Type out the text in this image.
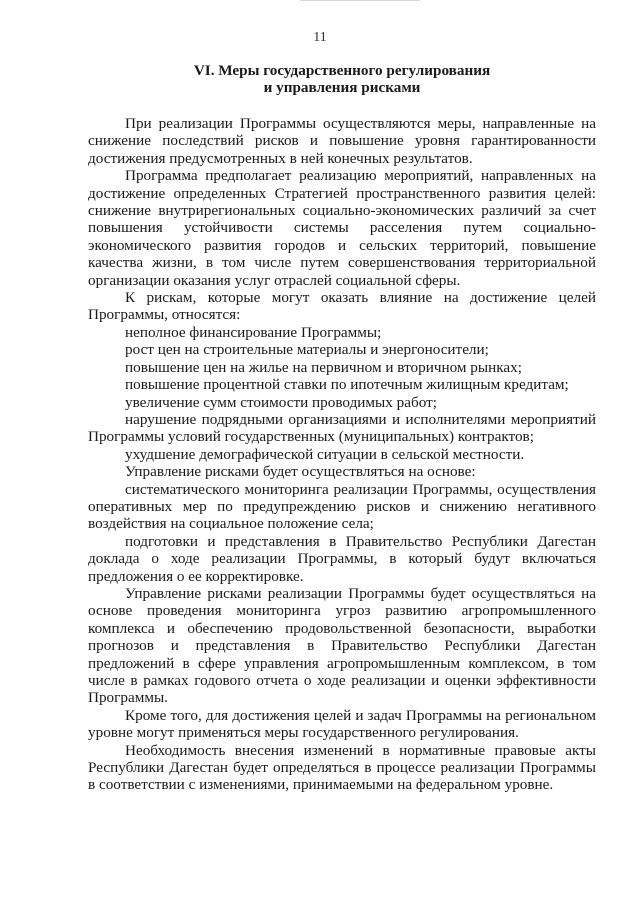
11
VI. Меры государственного регулирования
и управления рисками

При реализации Программы осуществляются меры, направленные на снижение последствий рисков и повышение уровня гарантированности достижения предусмотренных в ней конечных результатов.

Программа предполагает реализацию мероприятий, направленных на достижение определенных Стратегией пространственного развития целей: снижение внутрирегиональных социально-экономических различий за счет повышения устойчивости системы расселения путем социально-экономического развития городов и сельских территорий, повышение качества жизни, в том числе путем совершенствования территориальной организации оказания услуг отраслей социальной сферы.

К рискам, которые могут оказать влияние на достижение целей Программы, относятся:

неполное финансирование Программы;

рост цен на строительные материалы и энергоносители;

повышение цен на жилье на первичном и вторичном рынках;

повышение процентной ставки по ипотечным жилищным кредитам;

увеличение сумм стоимости проводимых работ;

нарушение подрядными организациями и исполнителями мероприятий Программы условий государственных (муниципальных) контрактов;

ухудшение демографической ситуации в сельской местности.

Управление рисками будет осуществляться на основе:

систематического мониторинга реализации Программы, осуществления оперативных мер по предупреждению рисков и снижению негативного воздействия на социальное положение села;

подготовки и представления в Правительство Республики Дагестан доклада о ходе реализации Программы, в который будут включаться предложения о ее корректировке.

Управление рисками реализации Программы будет осуществляться на основе проведения мониторинга угроз развитию агропромышленного комплекса и обеспечению продовольственной безопасности, выработки прогнозов и представления в Правительство Республики Дагестан предложений в сфере управления агропромышленным комплексом, в том числе в рамках годового отчета о ходе реализации и оценки эффективности Программы.

Кроме того, для достижения целей и задач Программы на региональном уровне могут применяться меры государственного регулирования.

Необходимость внесения изменений в нормативные правовые акты Республики Дагестан будет определяться в процессе реализации Программы в соответствии с изменениями, принимаемыми на федеральном уровне.
